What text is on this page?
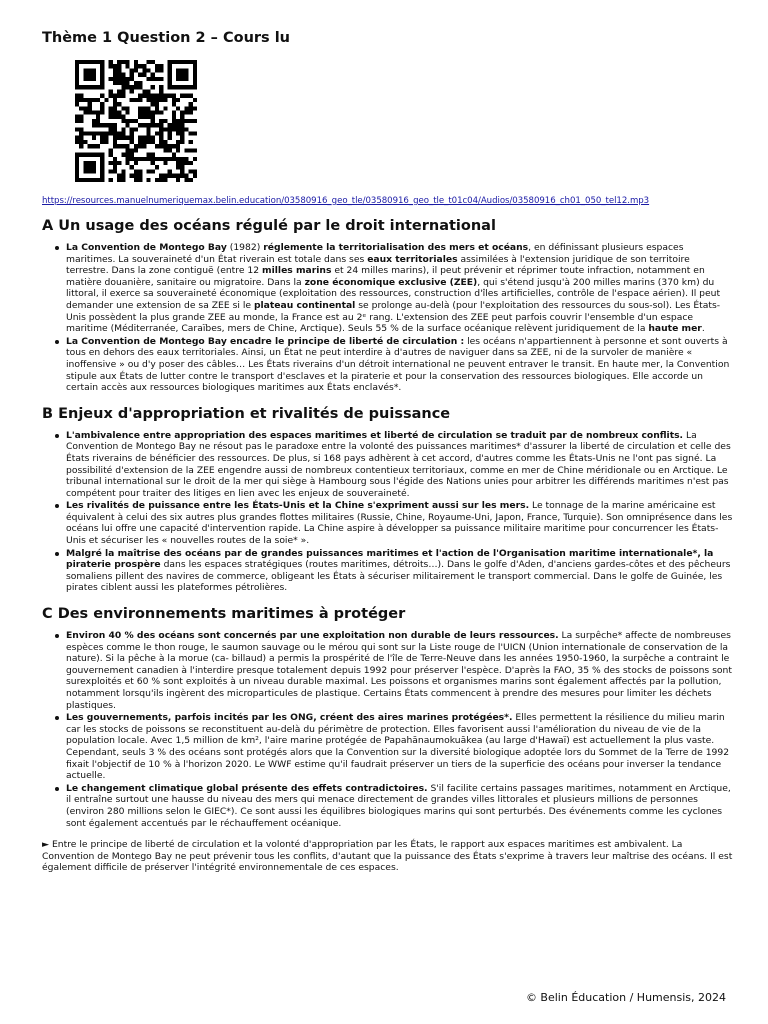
Thème 1 Question 2 – Cours lu
https://resources.manuelnumeriquemax.belin.education/03580916_geo_tle/03580916_geo_tle_t01c04/Audios/03580916_ch01_050_tel12.mp3
A Un usage des océans régulé par le droit international
La Convention de Montego Bay (1982) réglemente la territorialisation des mers et océans, en définissant plusieurs espaces maritimes. La souveraineté d'un État riverain est totale dans ses eaux territoriales assimilées à l'extension juridique de son territoire terrestre. Dans la zone contiguë (entre 12 milles marins et 24 milles marins), il peut prévenir et réprimer toute infraction, notamment en matière douanière, sanitaire ou migratoire. Dans la zone économique exclusive (ZEE), qui s'étend jusqu'à 200 milles marins (370 km) du littoral, il exerce sa souveraineté économique (exploitation des ressources, construction d'îles artificielles, contrôle de l'espace aérien). Il peut demander une extension de sa ZEE si le plateau continental se prolonge au-delà (pour l'exploitation des ressources du sous-sol). Les États-Unis possèdent la plus grande ZEE au monde, la France est au 2ᵉ rang. L'extension des ZEE peut parfois couvrir l'ensemble d'un espace maritime (Méditerranée, Caraïbes, mers de Chine, Arctique). Seuls 55 % de la surface océanique relèvent juridiquement de la haute mer.
La Convention de Montego Bay encadre le principe de liberté de circulation : les océans n'appartiennent à personne et sont ouverts à tous en dehors des eaux territoriales. Ainsi, un État ne peut interdire à d'autres de naviguer dans sa ZEE, ni de la survoler de manière « inoffensive » ou d'y poser des câbles… Les États riverains d'un détroit international ne peuvent entraver le transit. En haute mer, la Convention stipule aux États de lutter contre le transport d'esclaves et la piraterie et pour la conservation des ressources biologiques. Elle accorde un certain accès aux ressources biologiques maritimes aux États enclavés*.
B Enjeux d'appropriation et rivalités de puissance
L'ambivalence entre appropriation des espaces maritimes et liberté de circulation se traduit par de nombreux conflits. La Convention de Montego Bay ne résout pas le paradoxe entre la volonté des puissances maritimes* d'assurer la liberté de circulation et celle des États riverains de bénéficier des ressources. De plus, si 168 pays adhèrent à cet accord, d'autres comme les États-Unis ne l'ont pas signé. La possibilité d'extension de la ZEE engendre aussi de nombreux contentieux territoriaux, comme en mer de Chine méridionale ou en Arctique. Le tribunal international sur le droit de la mer qui siège à Hambourg sous l'égide des Nations unies pour arbitrer les différends maritimes n'est pas compétent pour traiter des litiges en lien avec les enjeux de souveraineté.
Les rivalités de puissance entre les États-Unis et la Chine s'expriment aussi sur les mers. Le tonnage de la marine américaine est équivalent à celui des six autres plus grandes flottes militaires (Russie, Chine, Royaume-Uni, Japon, France, Turquie). Son omniprésence dans les océans lui offre une capacité d'intervention rapide. La Chine aspire à développer sa puissance militaire maritime pour concurrencer les États-Unis et sécuriser les « nouvelles routes de la soie* ».
Malgré la maîtrise des océans par de grandes puissances maritimes et l'action de l'Organisation maritime internationale*, la piraterie prospère dans les espaces stratégiques (routes maritimes, détroits…). Dans le golfe d'Aden, d'anciens gardes-côtes et des pêcheurs somaliens pillent des navires de commerce, obligeant les États à sécuriser militairement le transport commercial. Dans le golfe de Guinée, les pirates ciblent aussi les plateformes pétrolières.
C Des environnements maritimes à protéger
Environ 40 % des océans sont concernés par une exploitation non durable de leurs ressources. La surpêche* affecte de nombreuses espèces comme le thon rouge, le saumon sauvage ou le mérou qui sont sur la Liste rouge de l'UICN (Union internationale de conservation de la nature). Si la pêche à la morue (ca- billaud) a permis la prospérité de l'île de Terre-Neuve dans les années 1950-1960, la surpêche a contraint le gouvernement canadien à l'interdire presque totalement depuis 1992 pour préserver l'espèce. D'après la FAO, 35 % des stocks de poissons sont surexploités et 60 % sont exploités à un niveau durable maximal. Les poissons et organismes marins sont également affectés par la pollution, notamment lorsqu'ils ingèrent des microparticules de plastique. Certains États commencent à prendre des mesures pour limiter les déchets plastiques.
Les gouvernements, parfois incités par les ONG, créent des aires marines protégées*. Elles permettent la résilience du milieu marin car les stocks de poissons se reconstituent au-delà du périmètre de protection. Elles favorisent aussi l'amélioration du niveau de vie de la population locale. Avec 1,5 million de km², l'aire marine protégée de Papahānaumokuākea (au large d'Hawaï) est actuellement la plus vaste. Cependant, seuls 3 % des océans sont protégés alors que la Convention sur la diversité biologique adoptée lors du Sommet de la Terre de 1992 fixait l'objectif de 10 % à l'horizon 2020. Le WWF estime qu'il faudrait préserver un tiers de la superficie des océans pour inverser la tendance actuelle.
Le changement climatique global présente des effets contradictoires. S'il facilite certains passages maritimes, notamment en Arctique, il entraîne surtout une hausse du niveau des mers qui menace directement de grandes villes littorales et plusieurs millions de personnes (environ 280 millions selon le GIEC*). Ce sont aussi les équilibres biologiques marins qui sont perturbés. Des événements comme les cyclones sont également accentués par le réchauffement océanique.

► Entre le principe de liberté de circulation et la volonté d'appropriation par les États, le rapport aux espaces maritimes est ambivalent. La Convention de Montego Bay ne peut prévenir tous les conflits, d'autant que la puissance des États s'exprime à travers leur maîtrise des océans. Il est également difficile de préserver l'intégrité environnementale de ces espaces.

© Belin Éducation / Humensis, 2024
